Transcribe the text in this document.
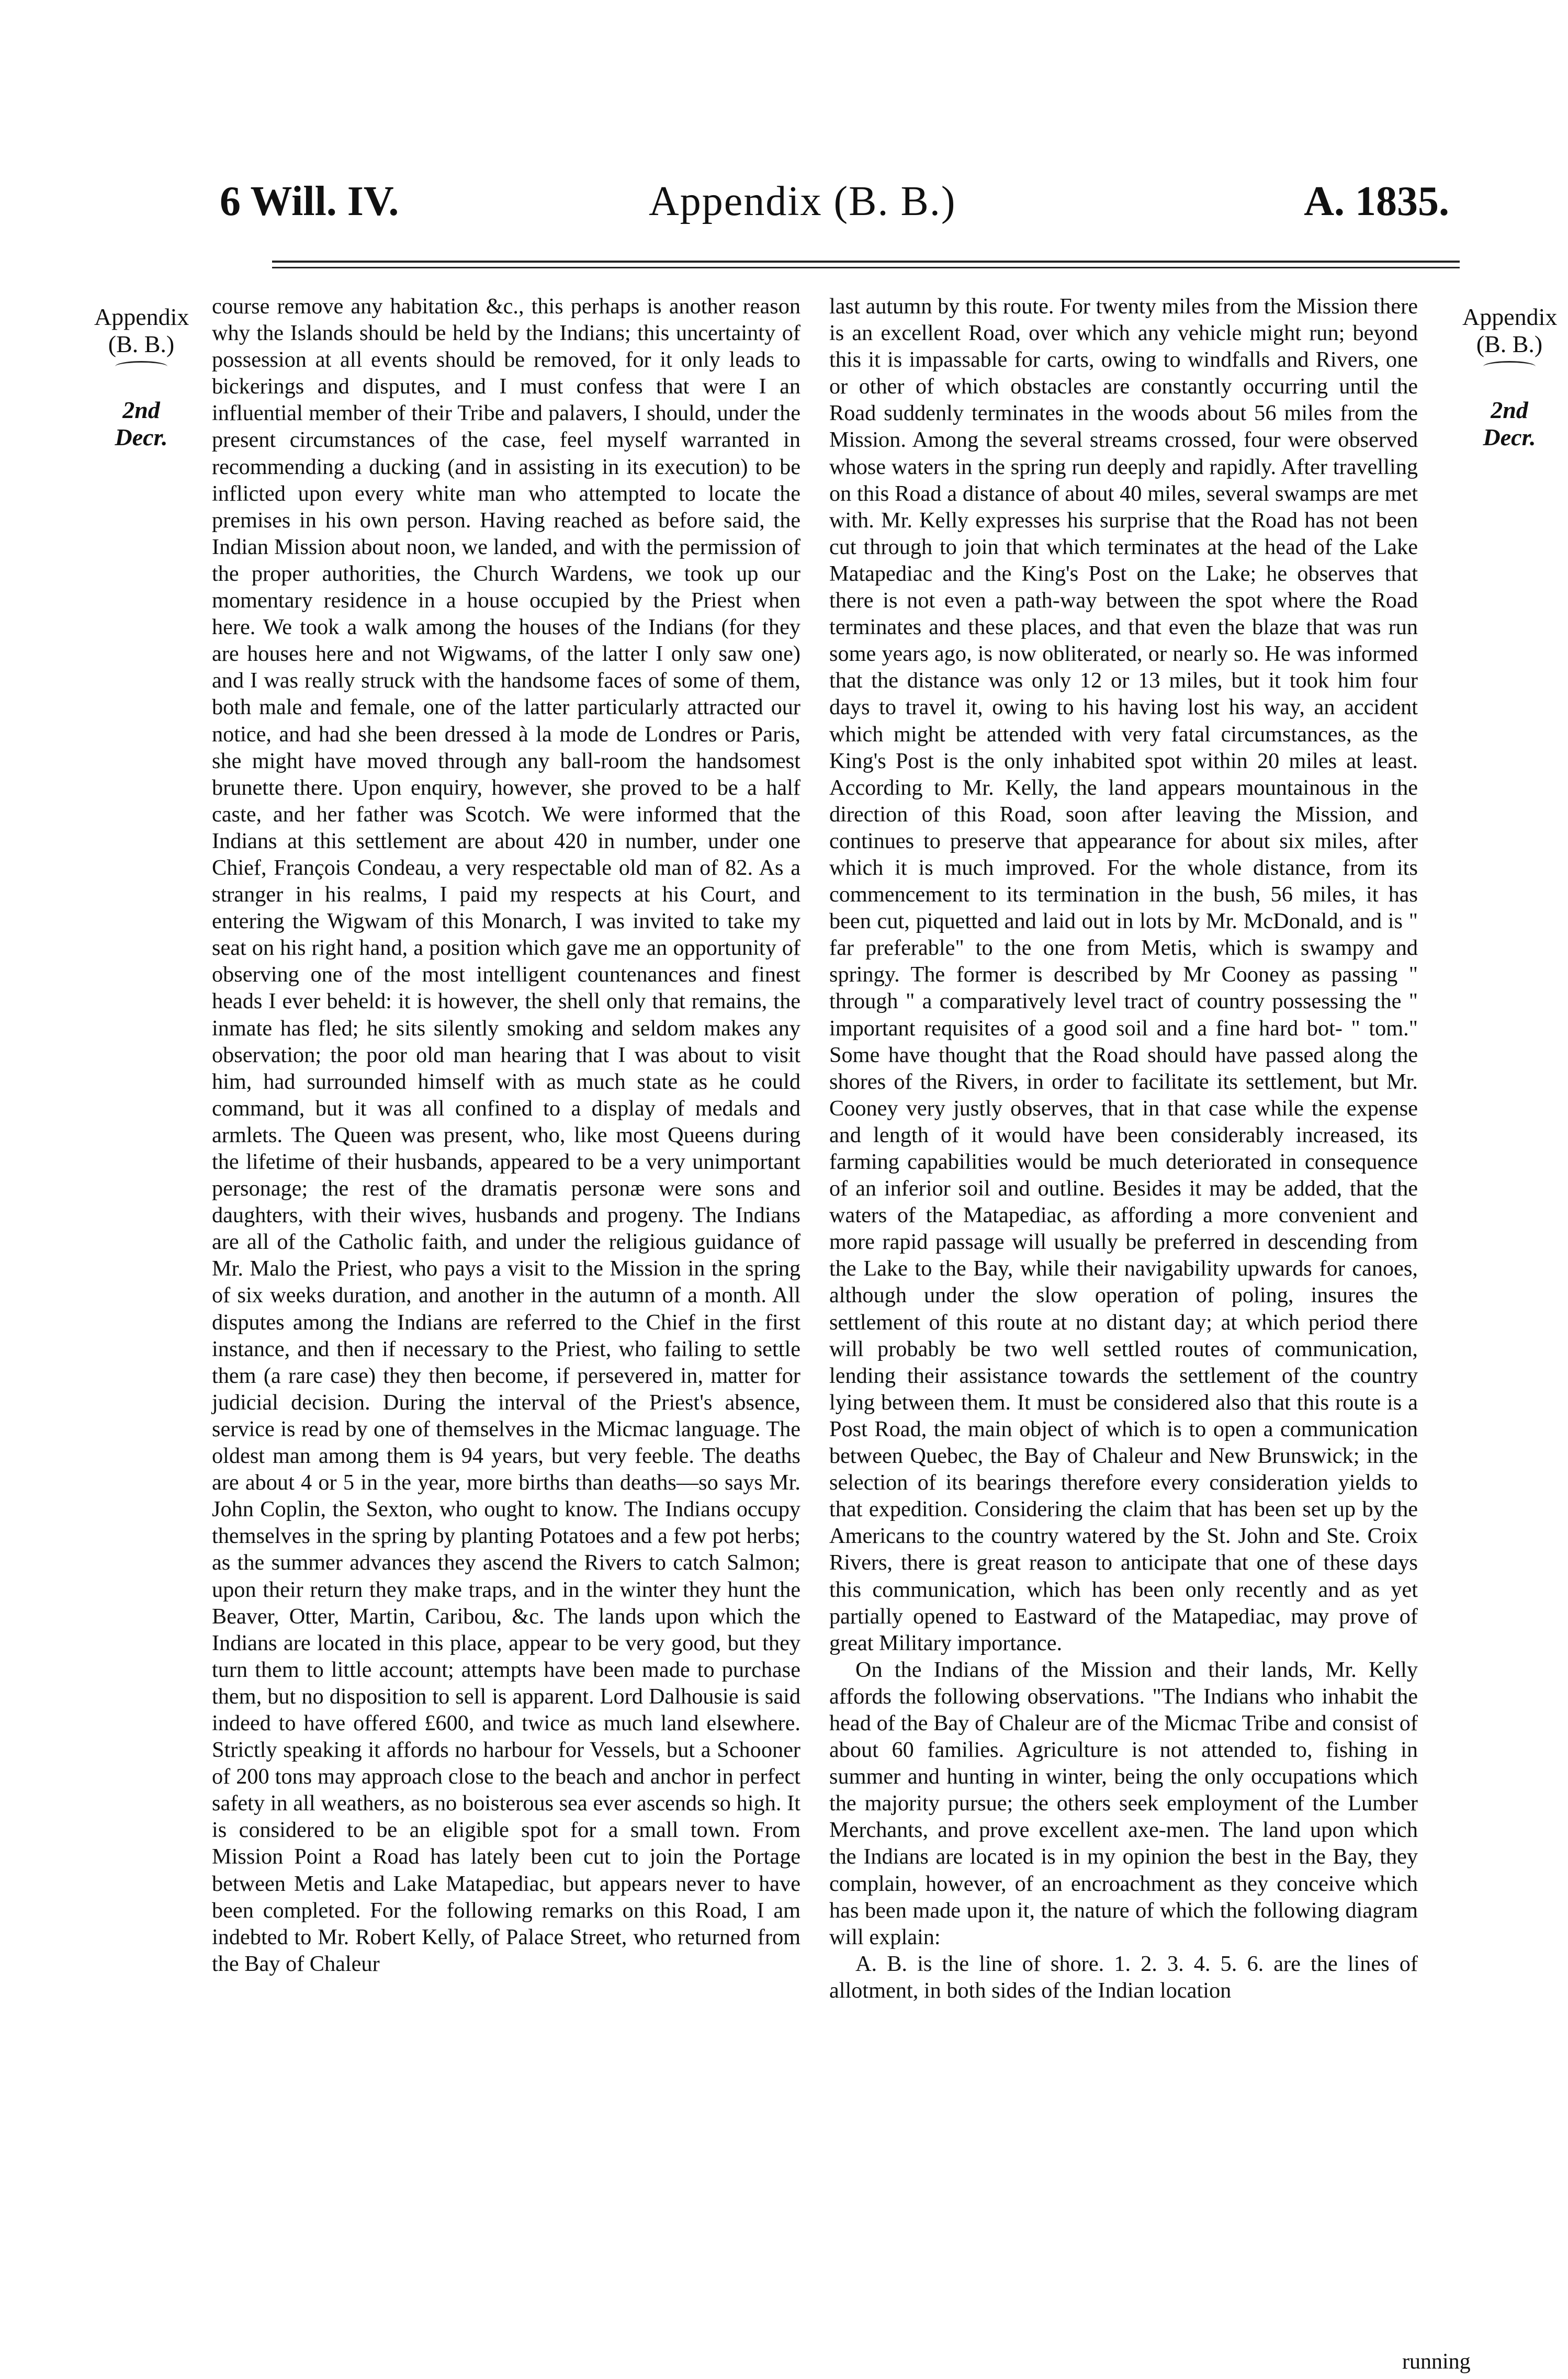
6 Will. IV.	Appendix (B. B.)	A. 1835.
Appendix
(B. B.)
2nd Decr.
Appendix
(B. B.)
2nd Decr.

course remove any habitation &c., this perhaps is another reason why the Islands should be held by the Indians; this uncertainty of possession at all events should be removed, for it only leads to bickerings and disputes, and I must confess that were I an influential member of their Tribe and palavers, I should, under the present circumstances of the case, feel myself warranted in recommending a ducking (and in assisting in its execution) to be inflicted upon every white man who attempted to locate the premises in his own person. Having reached as before said, the Indian Mission about noon, we landed, and with the permission of the proper authorities, the Church Wardens, we took up our momentary residence in a house occupied by the Priest when here. We took a walk among the houses of the Indians (for they are houses here and not Wigwams, of the latter I only saw one) and I was really struck with the handsome faces of some of them, both male and female, one of the latter particularly attracted our notice, and had she been dressed à la mode de Londres or Paris, she might have moved through any ball-room the handsomest brunette there. Upon enquiry, however, she proved to be a half caste, and her father was Scotch. We were informed that the Indians at this settlement are about 420 in number, under one Chief, François Condeau, a very respectable old man of 82. As a stranger in his realms, I paid my respects at his Court, and entering the Wigwam of this Monarch, I was invited to take my seat on his right hand, a position which gave me an opportunity of observing one of the most intelligent countenances and finest heads I ever beheld: it is however, the shell only that remains, the inmate has fled; he sits silently smoking and seldom makes any observation; the poor old man hearing that I was about to visit him, had surrounded himself with as much state as he could command, but it was all confined to a display of medals and armlets. The Queen was present, who, like most Queens during the lifetime of their husbands, appeared to be a very unimportant personage; the rest of the dramatis personæ were sons and daughters, with their wives, husbands and progeny. The Indians are all of the Catholic faith, and under the religious guidance of Mr. Malo the Priest, who pays a visit to the Mission in the spring of six weeks duration, and another in the autumn of a month. All disputes among the Indians are referred to the Chief in the first instance, and then if necessary to the Priest, who failing to settle them (a rare case) they then become, if persevered in, matter for judicial decision. During the interval of the Priest's absence, service is read by one of themselves in the Micmac language. The oldest man among them is 94 years, but very feeble. The deaths are about 4 or 5 in the year, more births than deaths—so says Mr. John Coplin, the Sexton, who ought to know. The Indians occupy themselves in the spring by planting Potatoes and a few pot herbs; as the summer advances they ascend the Rivers to catch Salmon; upon their return they make traps, and in the winter they hunt the Beaver, Otter, Martin, Caribou, &c. The lands upon which the Indians are located in this place, appear to be very good, but they turn them to little account; attempts have been made to purchase them, but no disposition to sell is apparent. Lord Dalhousie is said indeed to have offered £600, and twice as much land elsewhere. Strictly speaking it affords no harbour for Vessels, but a Schooner of 200 tons may approach close to the beach and anchor in perfect safety in all weathers, as no boisterous sea ever ascends so high. It is considered to be an eligible spot for a small town. From Mission Point a Road has lately been cut to join the Portage between Metis and Lake Matapediac, but appears never to have been completed. For the following remarks on this Road, I am indebted to Mr. Robert Kelly, of Palace Street, who returned from the Bay of Chaleur

last autumn by this route. For twenty miles from the Mission there is an excellent Road, over which any vehicle might run; beyond this it is impassable for carts, owing to windfalls and Rivers, one or other of which obstacles are constantly occurring until the Road suddenly terminates in the woods about 56 miles from the Mission. Among the several streams crossed, four were observed whose waters in the spring run deeply and rapidly. After travelling on this Road a distance of about 40 miles, several swamps are met with. Mr. Kelly expresses his surprise that the Road has not been cut through to join that which terminates at the head of the Lake Matapediac and the King's Post on the Lake; he observes that there is not even a path-way between the spot where the Road terminates and these places, and that even the blaze that was run some years ago, is now obliterated, or nearly so. He was informed that the distance was only 12 or 13 miles, but it took him four days to travel it, owing to his having lost his way, an accident which might be attended with very fatal circumstances, as the King's Post is the only inhabited spot within 20 miles at least. According to Mr. Kelly, the land appears mountainous in the direction of this Road, soon after leaving the Mission, and continues to preserve that appearance for about six miles, after which it is much improved. For the whole distance, from its commencement to its termination in the bush, 56 miles, it has been cut, piquetted and laid out in lots by Mr. McDonald, and is " far preferable" to the one from Metis, which is swampy and springy. The former is described by Mr Cooney as passing " through " a comparatively level tract of country possessing the " important requisites of a good soil and a fine hard bot- " tom." Some have thought that the Road should have passed along the shores of the Rivers, in order to facilitate its settlement, but Mr. Cooney very justly observes, that in that case while the expense and length of it would have been considerably increased, its farming capabilities would be much deteriorated in consequence of an inferior soil and outline. Besides it may be added, that the waters of the Matapediac, as affording a more convenient and more rapid passage will usually be preferred in descending from the Lake to the Bay, while their navigability upwards for canoes, although under the slow operation of poling, insures the settlement of this route at no distant day; at which period there will probably be two well settled routes of communication, lending their assistance towards the settlement of the country lying between them. It must be considered also that this route is a Post Road, the main object of which is to open a communication between Quebec, the Bay of Chaleur and New Brunswick; in the selection of its bearings therefore every consideration yields to that expedition. Considering the claim that has been set up by the Americans to the country watered by the St. John and Ste. Croix Rivers, there is great reason to anticipate that one of these days this communication, which has been only recently and as yet partially opened to Eastward of the Matapediac, may prove of great Military importance.

On the Indians of the Mission and their lands, Mr. Kelly affords the following observations. "The Indians who inhabit the head of the Bay of Chaleur are of the Micmac Tribe and consist of about 60 families. Agriculture is not attended to, fishing in summer and hunting in winter, being the only occupations which the majority pursue; the others seek employment of the Lumber Merchants, and prove excellent axe-men. The land upon which the Indians are located is in my opinion the best in the Bay, they complain, however, of an encroachment as they conceive which has been made upon it, the nature of which the following diagram will explain:

A. B. is the line of shore. 1. 2. 3. 4. 5. 6. are the lines of allotment, in both sides of the Indian location

running
